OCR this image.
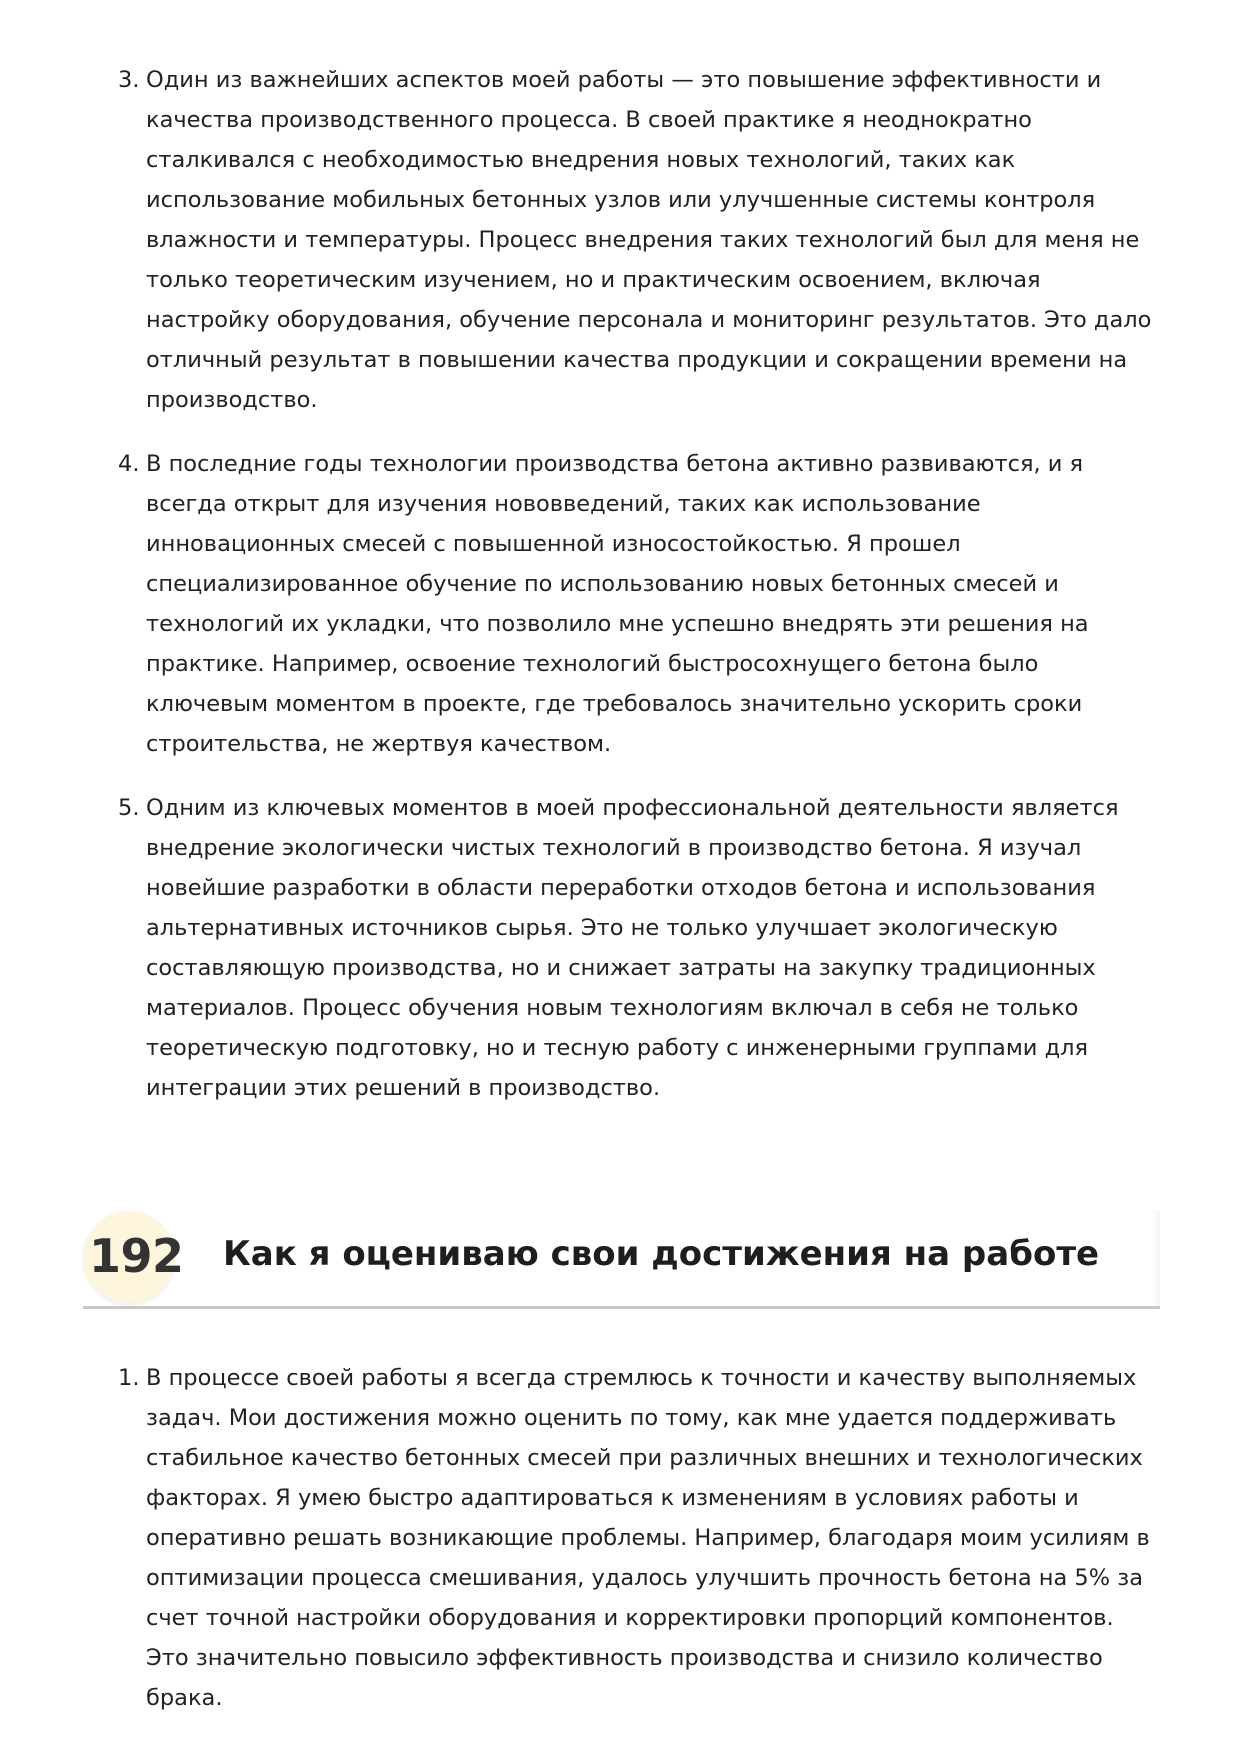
3. Один из важнейших аспектов моей работы — это повышение эффективности и качества производственного процесса. В своей практике я неоднократно сталкивался с необходимостью внедрения новых технологий, таких как использование мобильных бетонных узлов или улучшенные системы контроля влажности и температуры. Процесс внедрения таких технологий был для меня не только теоретическим изучением, но и практическим освоением, включая настройку оборудования, обучение персонала и мониторинг результатов. Это дало отличный результат в повышении качества продукции и сокращении времени на производство.
4. В последние годы технологии производства бетона активно развиваются, и я всегда открыт для изучения нововведений, таких как использование инновационных смесей с повышенной износостойкостью. Я прошел специализированное обучение по использованию новых бетонных смесей и технологий их укладки, что позволило мне успешно внедрять эти решения на практике. Например, освоение технологий быстросохнущего бетона было ключевым моментом в проекте, где требовалось значительно ускорить сроки строительства, не жертвуя качеством.
5. Одним из ключевых моментов в моей профессиональной деятельности является внедрение экологически чистых технологий в производство бетона. Я изучал новейшие разработки в области переработки отходов бетона и использования альтернативных источников сырья. Это не только улучшает экологическую составляющую производства, но и снижает затраты на закупку традиционных материалов. Процесс обучения новым технологиям включал в себя не только теоретическую подготовку, но и тесную работу с инженерными группами для интеграции этих решений в производство.
192 Как я оцениваю свои достижения на работе
1. В процессе своей работы я всегда стремлюсь к точности и качеству выполняемых задач. Мои достижения можно оценить по тому, как мне удается поддерживать стабильное качество бетонных смесей при различных внешних и технологических факторах. Я умею быстро адаптироваться к изменениям в условиях работы и оперативно решать возникающие проблемы. Например, благодаря моим усилиям в оптимизации процесса смешивания, удалось улучшить прочность бетона на 5% за счет точной настройки оборудования и корректировки пропорций компонентов. Это значительно повысило эффективность производства и снизило количество брака.
